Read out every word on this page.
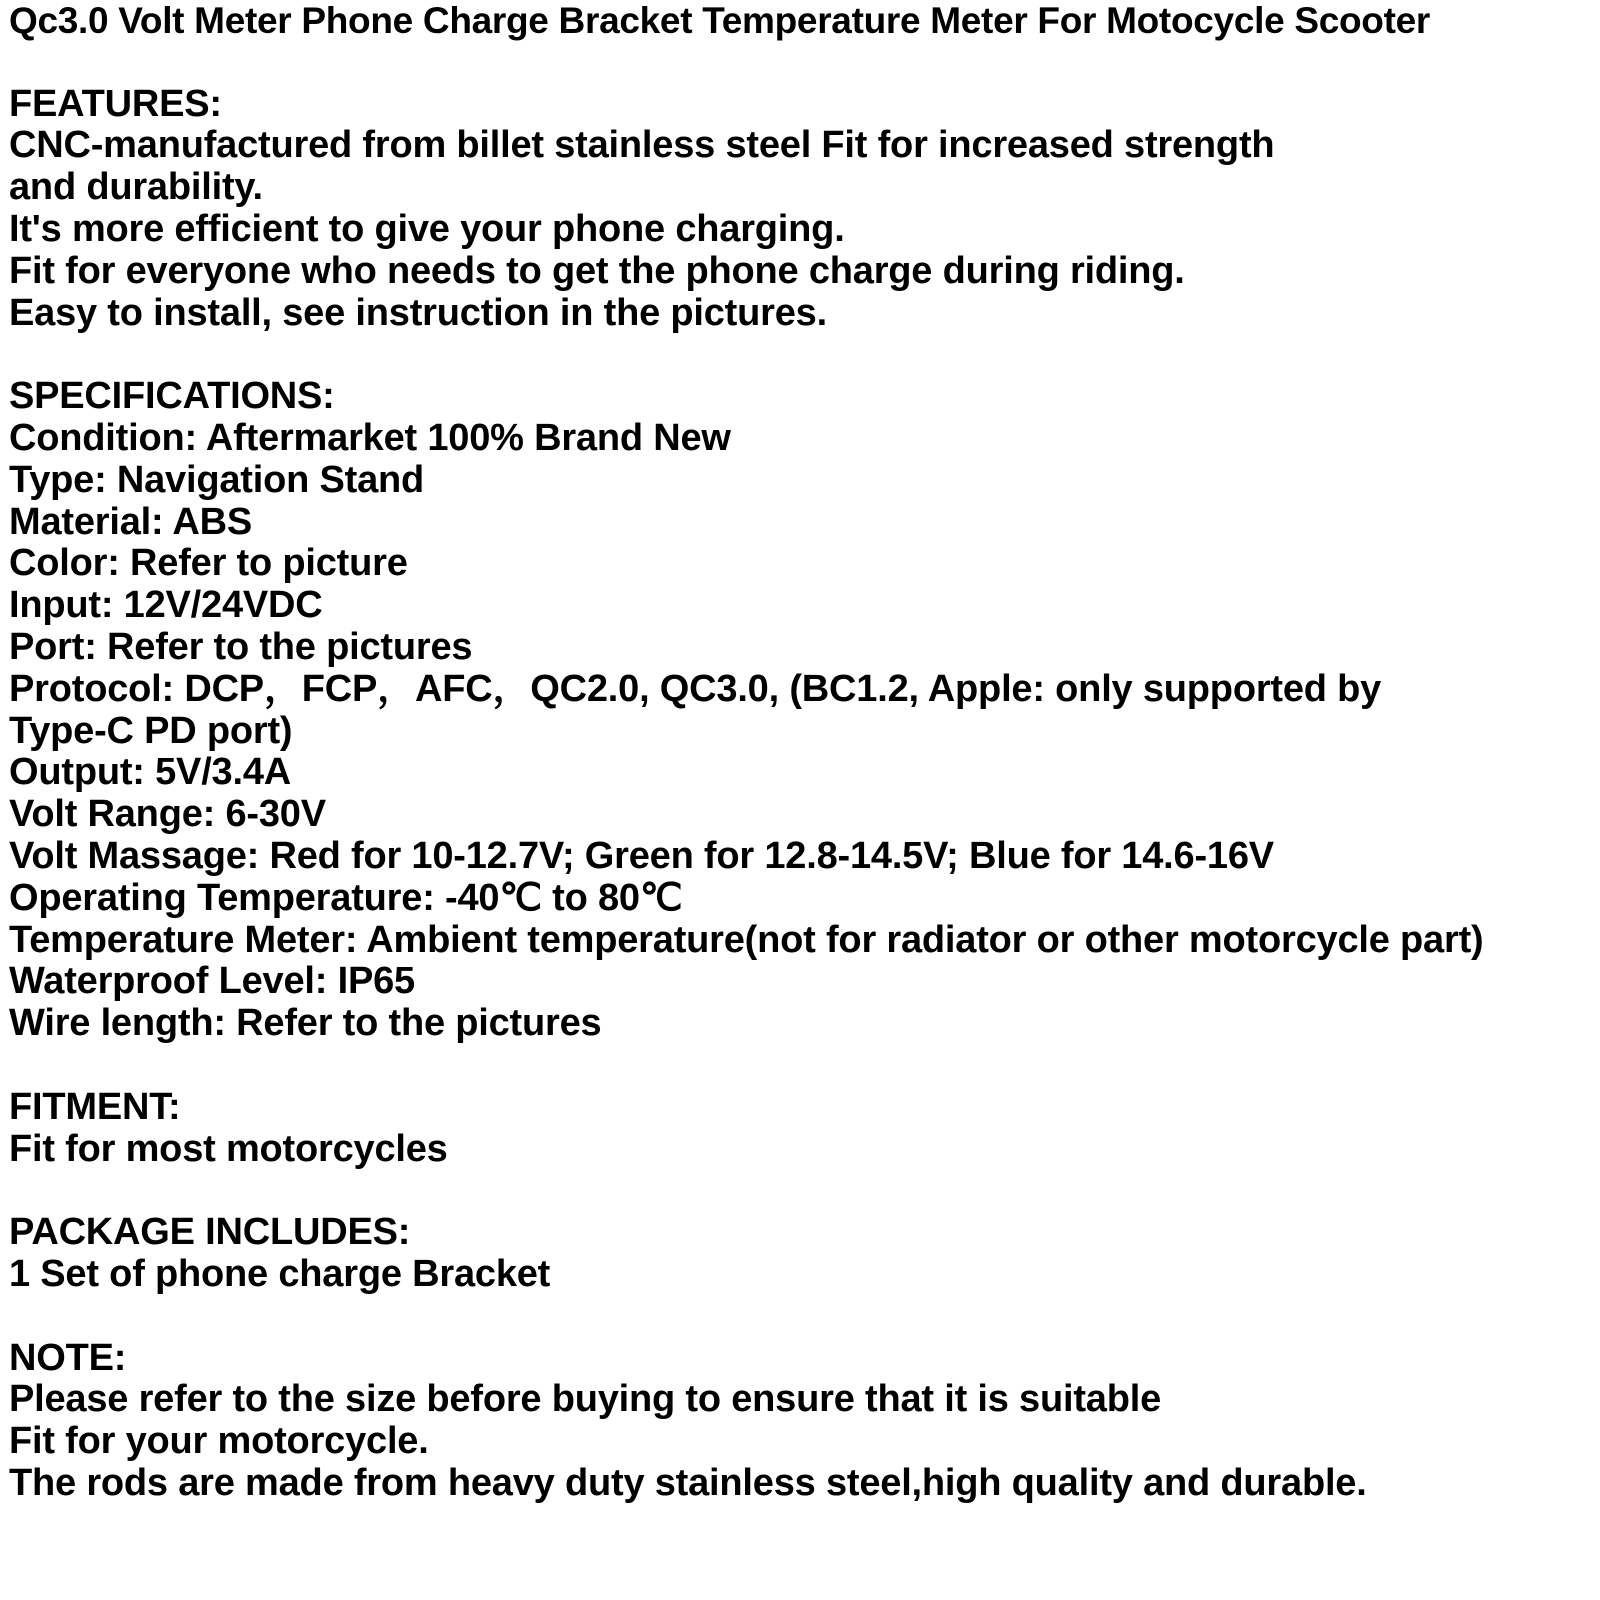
Qc3.0 Volt Meter Phone Charge Bracket Temperature Meter For Motocycle Scooter
FEATURES:
CNC-manufactured from billet stainless steel Fit for increased strength
and durability.
It's more efficient to give your phone charging.
Fit for everyone who needs to get the phone charge during riding.
Easy to install, see instruction in the pictures.
SPECIFICATIONS:
Condition: Aftermarket 100% Brand New
Type: Navigation Stand
Material: ABS
Color: Refer to picture
Input: 12V/24VDC
Port: Refer to the pictures
Protocol: DCP，FCP，AFC，QC2.0, QC3.0, (BC1.2, Apple: only supported by
Type-C PD port)
Output: 5V/3.4A
Volt Range: 6-30V
Volt Massage: Red for 10-12.7V; Green for 12.8-14.5V; Blue for 14.6-16V
Operating Temperature: -40℃ to 80℃
Temperature Meter: Ambient temperature(not for radiator or other motorcycle part)
Waterproof Level: IP65
Wire length: Refer to the pictures
FITMENT:
Fit for most motorcycles
PACKAGE INCLUDES:
1 Set of phone charge Bracket
NOTE:
Please refer to the size before buying to ensure that it is suitable
Fit for your motorcycle.
The rods are made from heavy duty stainless steel,high quality and durable.
